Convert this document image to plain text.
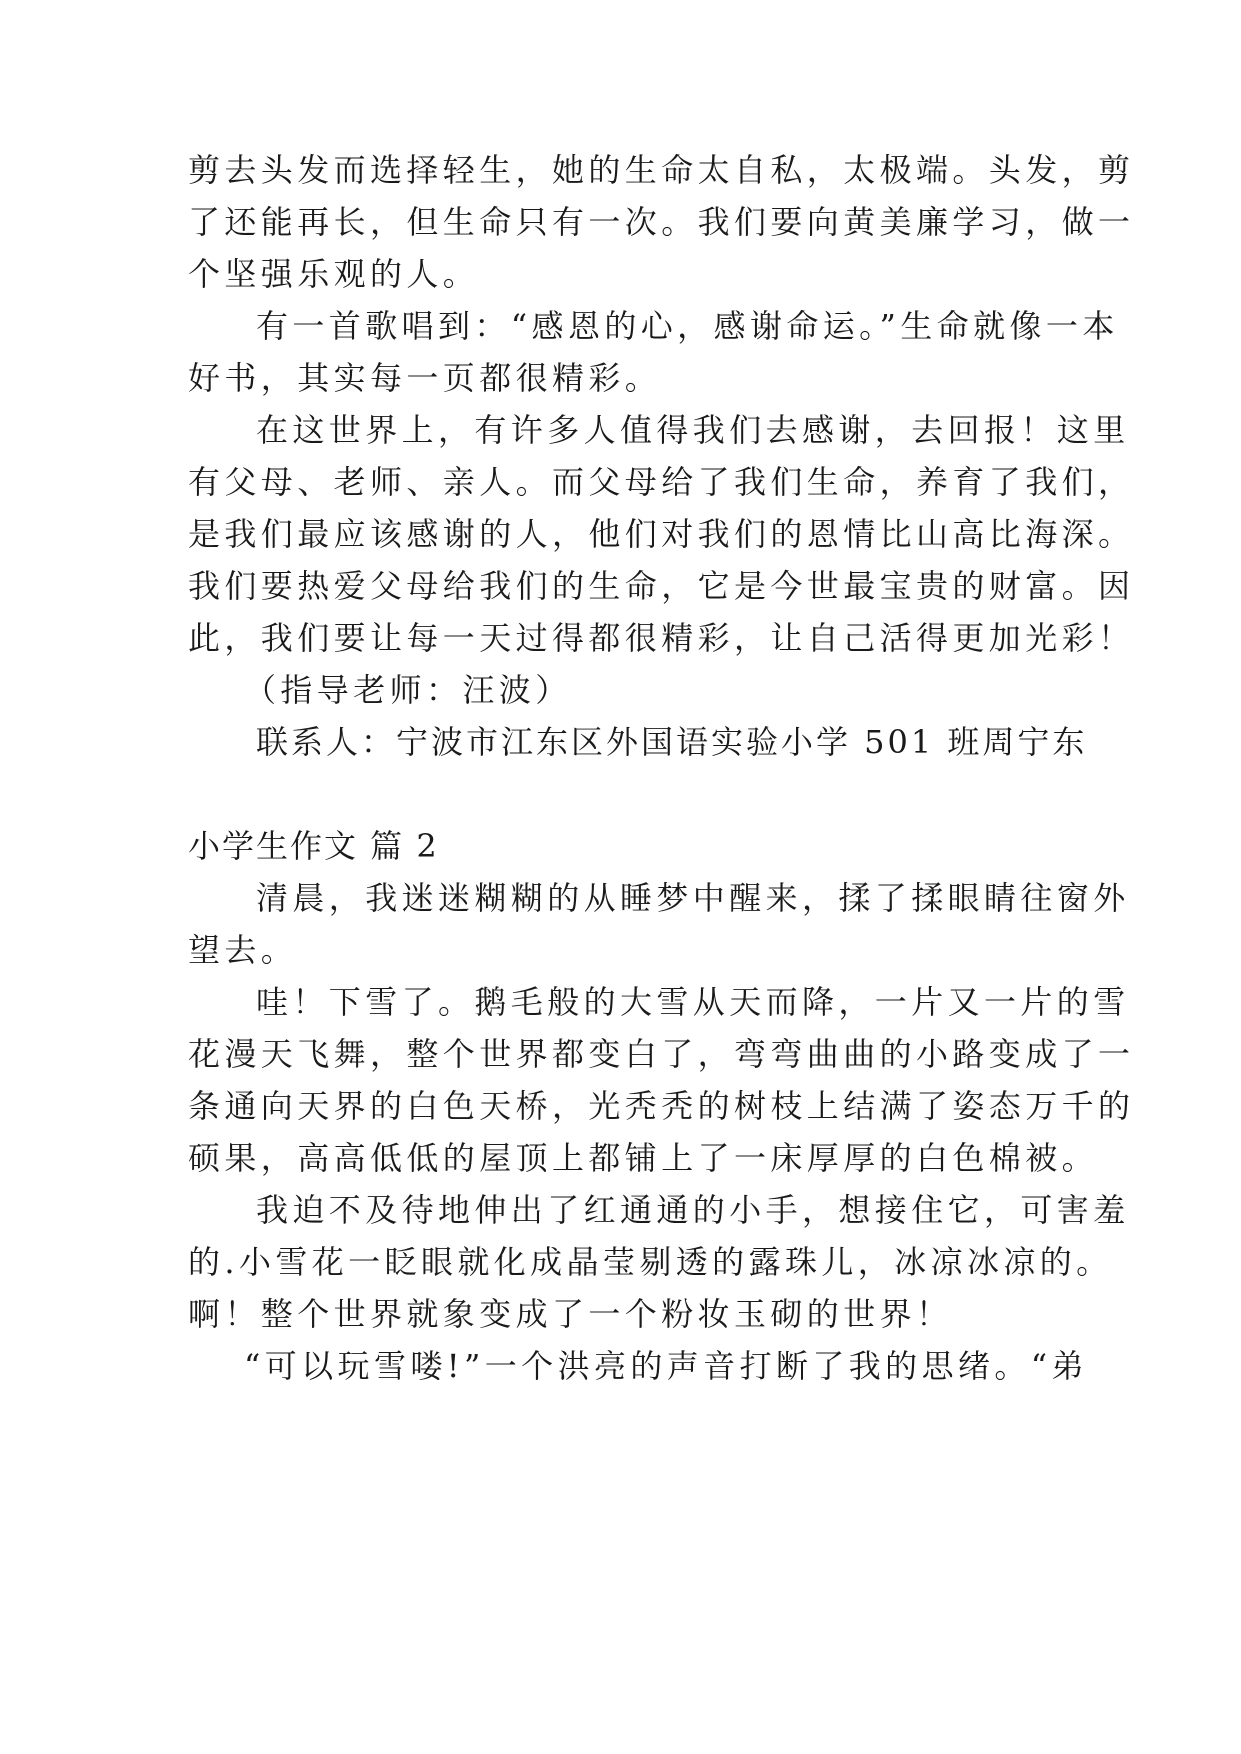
剪去头发而选择轻生，她的生命太自私，太极端。头发，剪
了还能再长，但生命只有一次。我们要向黄美廉学习，做一
个坚强乐观的人。
有一首歌唱到：“感恩的心，感谢命运。”生命就像一本
好书，其实每一页都很精彩。
在这世界上，有许多人值得我们去感谢，去回报！这里
有父母、老师、亲人。而父母给了我们生命，养育了我们，
是我们最应该感谢的人，他们对我们的恩情比山高比海深。
我们要热爱父母给我们的生命，它是今世最宝贵的财富。因
此，我们要让每一天过得都很精彩，让自己活得更加光彩！
（指导老师：汪波）
联系人：宁波市江东区外国语实验小学 501 班周宁东
小学生作文 篇 2
清晨，我迷迷糊糊的从睡梦中醒来，揉了揉眼睛往窗外
望去。
哇！下雪了。鹅毛般的大雪从天而降，一片又一片的雪
花漫天飞舞，整个世界都变白了，弯弯曲曲的小路变成了一
条通向天界的白色天桥，光秃秃的树枝上结满了姿态万千的
硕果，高高低低的屋顶上都铺上了一床厚厚的白色棉被。
我迫不及待地伸出了红通通的小手，想接住它，可害羞
的.小雪花一眨眼就化成晶莹剔透的露珠儿，冰凉冰凉的。
啊！整个世界就象变成了一个粉妆玉砌的世界！
“可以玩雪喽!”一个洪亮的声音打断了我的思绪。“弟
